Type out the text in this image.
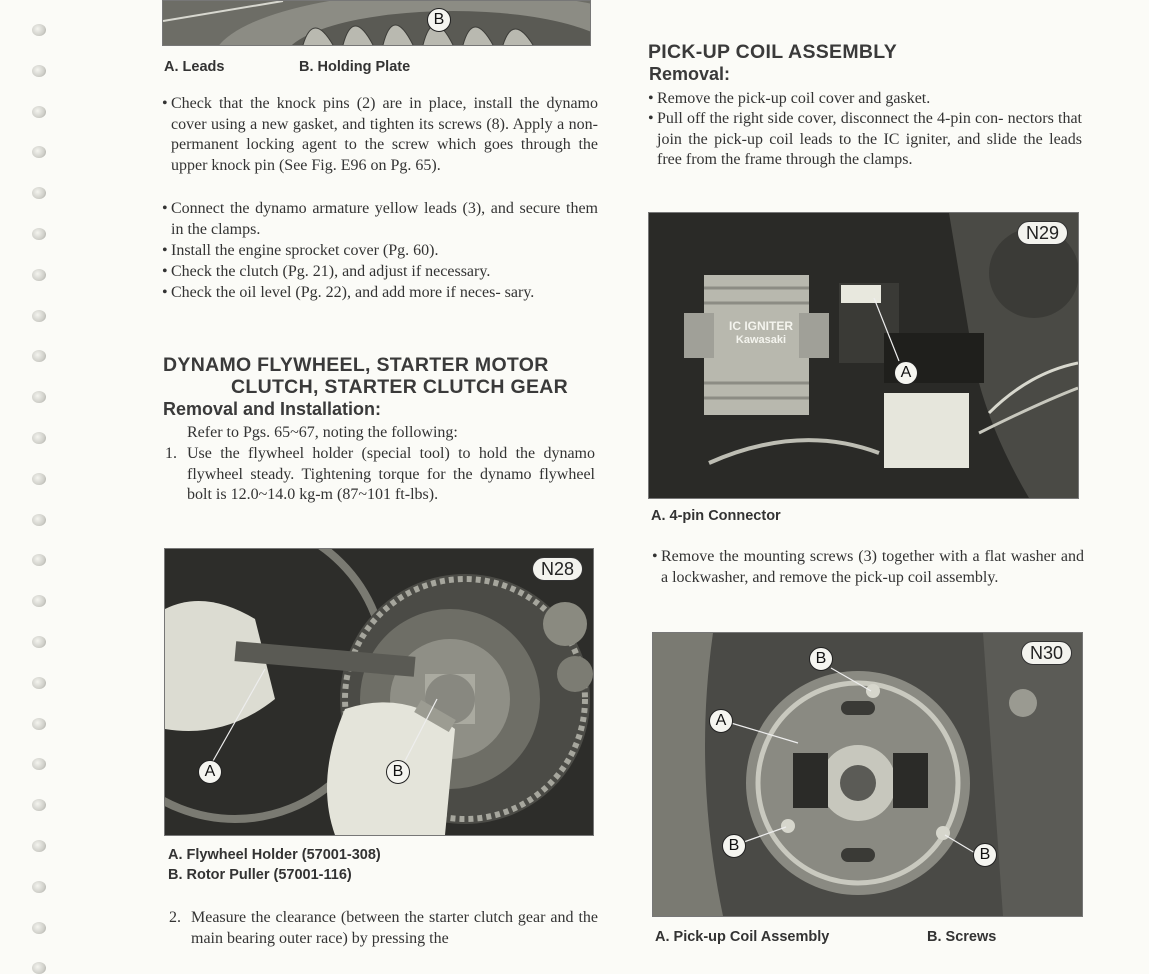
B
A. Leads	B. Holding Plate

• Check that the knock pins (2) are in place, install the dynamo cover using a new gasket, and tighten its screws (8). Apply a non-permanent locking agent to the screw which goes through the upper knock pin (See Fig. E96 on Pg. 65).

• Connect the dynamo armature yellow leads (3), and secure them in the clamps.

• Install the engine sprocket cover (Pg. 60).

• Check the clutch (Pg. 21), and adjust if necessary.

• Check the oil level (Pg. 22), and add more if neces- sary.

DYNAMO FLYWHEEL, STARTER MOTOR
CLUTCH, STARTER CLUTCH GEAR
Removal and Installation:

Refer to Pgs. 65~67, noting the following:

1. Use the flywheel holder (special tool) to hold the dynamo flywheel steady. Tightening torque for the dynamo flywheel bolt is 12.0~14.0 kg-m (87~101 ft-lbs).

N28
A	B
A. Flywheel Holder (57001-308)
B. Rotor Puller (57001-116)

2. Measure the clearance (between the starter clutch gear and the main bearing outer race) by pressing the

PICK-UP COIL ASSEMBLY
Removal:

• Remove the pick-up coil cover and gasket.

• Pull off the right side cover, disconnect the 4-pin con- nectors that join the pick-up coil leads to the IC igniter, and slide the leads free from the frame through the clamps.

IC IGNITER
Kawasaki
N29
A
A. 4-pin Connector

• Remove the mounting screws (3) together with a flat washer and a lockwasher, and remove the pick-up coil assembly.

N30
B
A
B
B
A. Pick-up Coil Assembly	B. Screws
